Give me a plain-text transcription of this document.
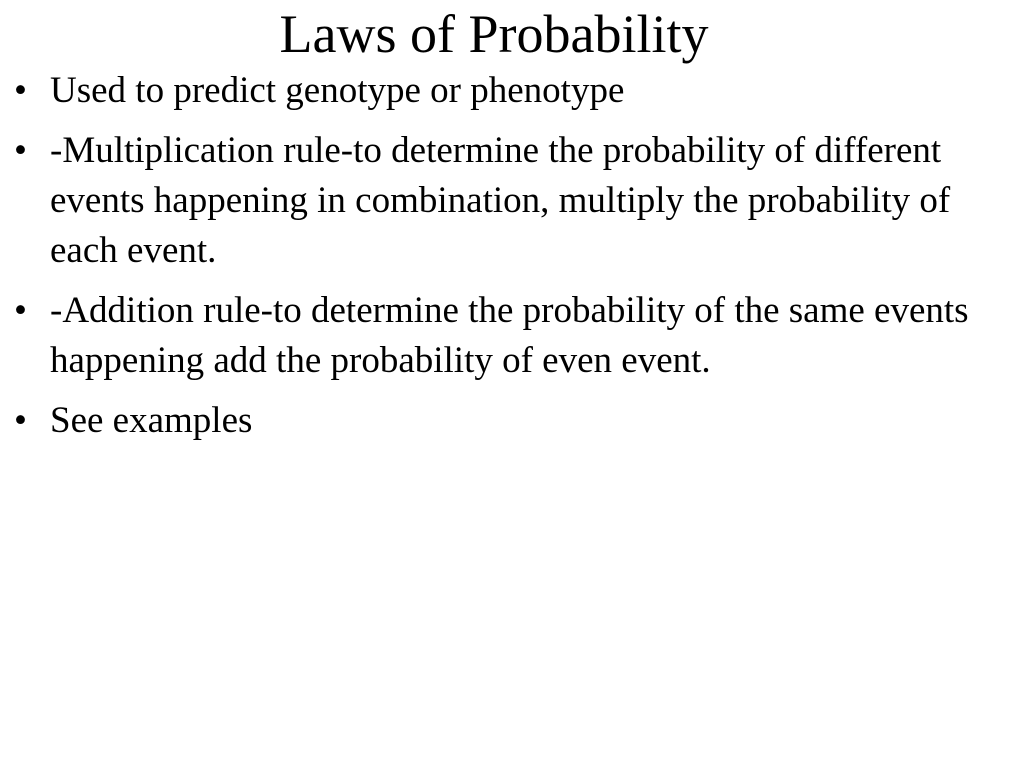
Laws of Probability
• Used to predict genotype or phenotype
• -Multiplication rule-to determine the probability of different events happening in combination, multiply the probability of each event.
• -Addition rule-to determine the probability of the same events happening add the probability of even event.
• See examples
